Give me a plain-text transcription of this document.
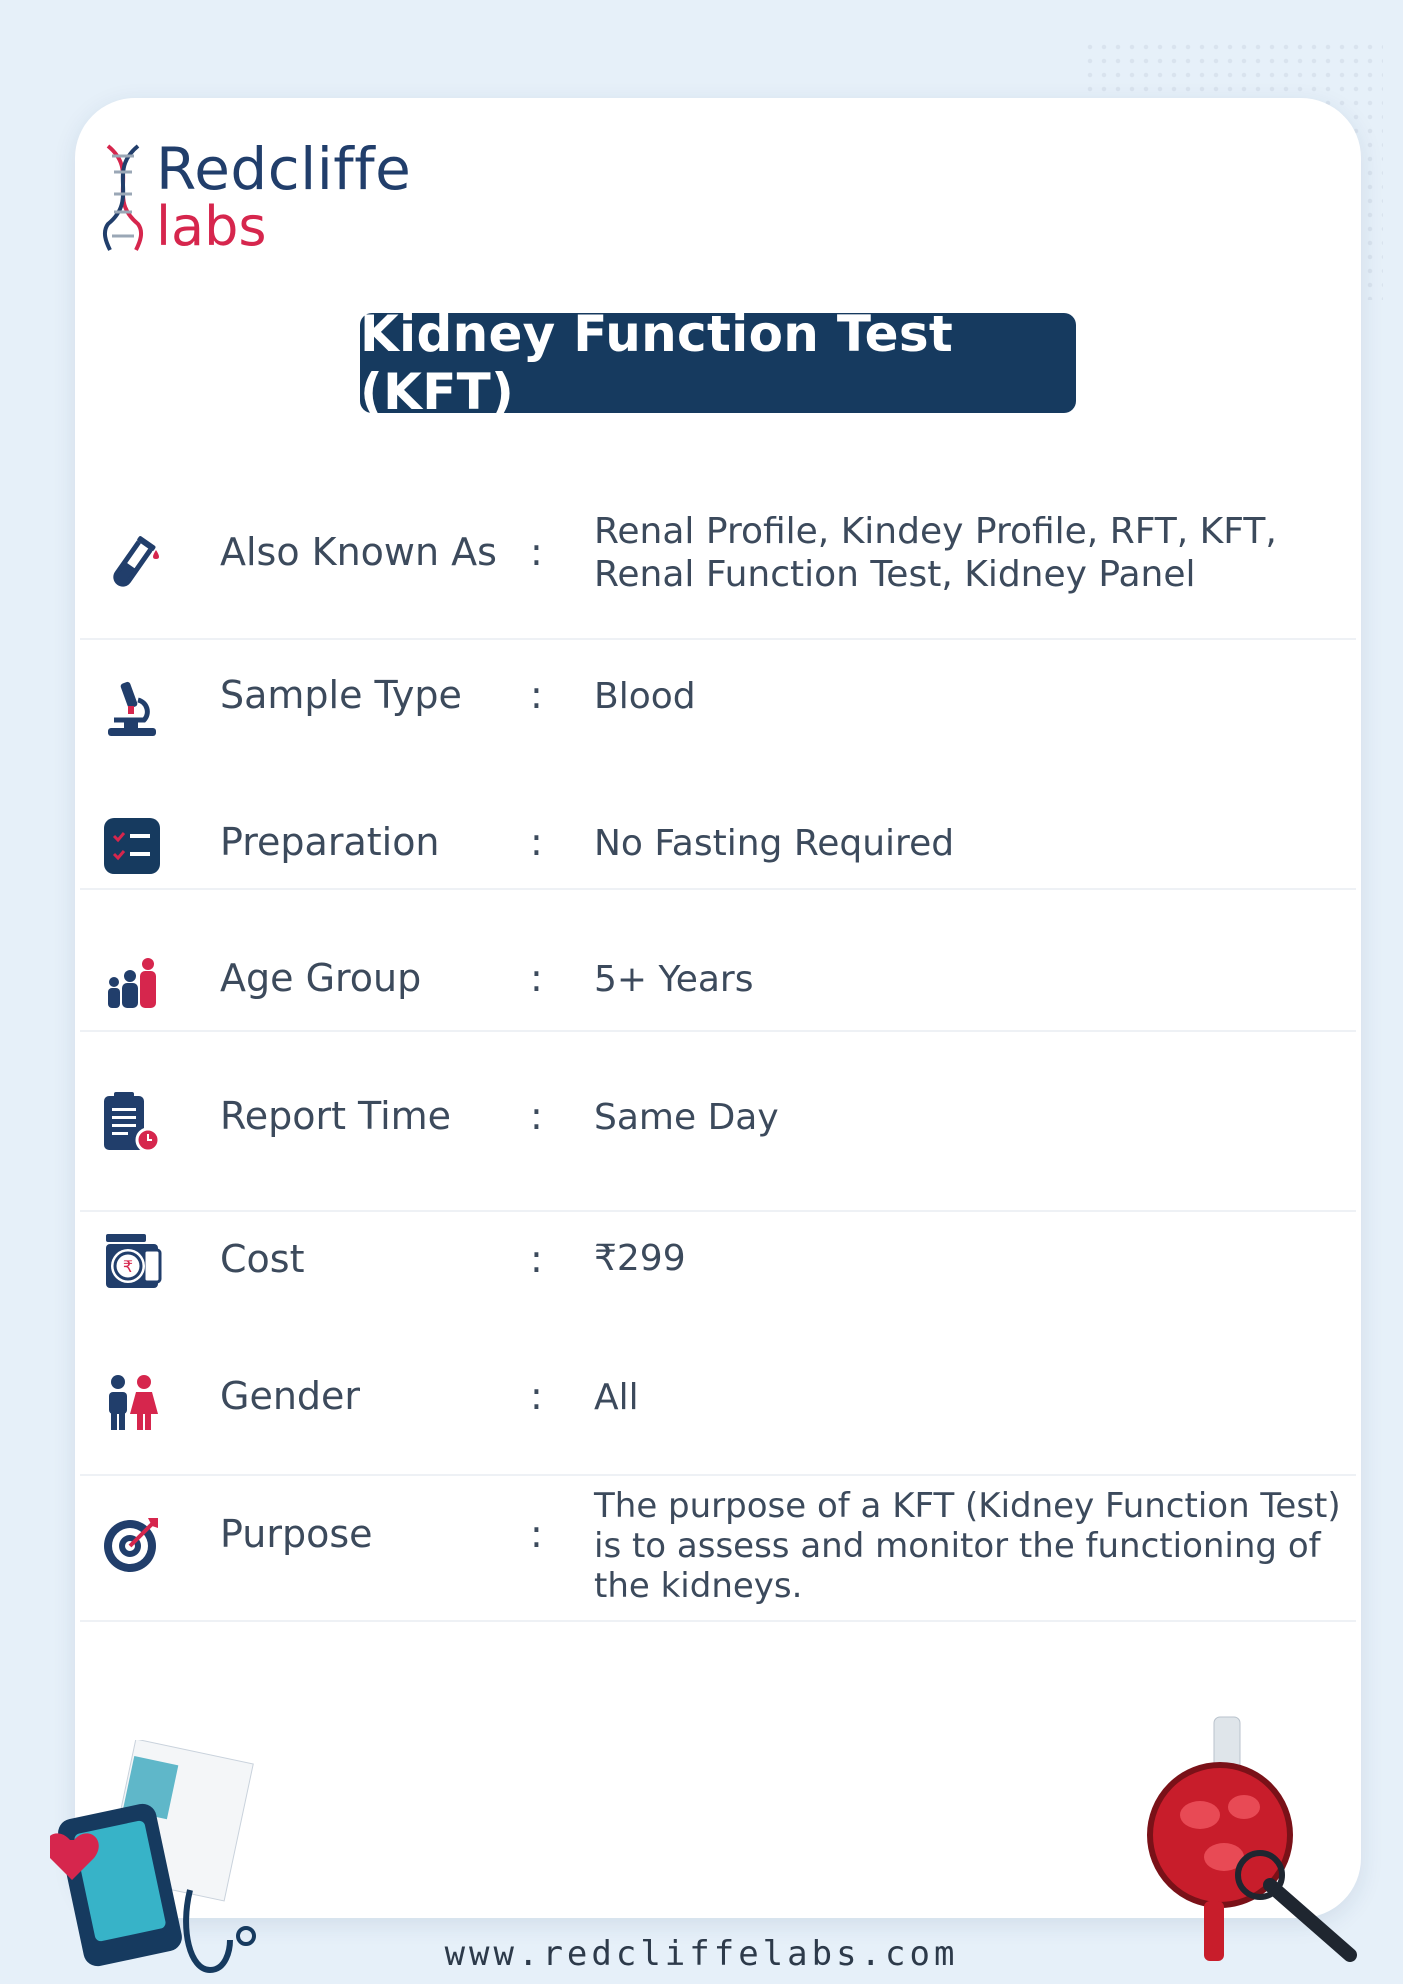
Redcliffe
labs
Kidney Function Test (KFT)
Also Known As : Renal Profile, Kindey Profile, RFT, KFT, Renal Function Test, Kidney Panel
Sample Type : Blood
Preparation : No Fasting Required
Age Group	: 5+ Years
Report Time : Same Day
₹ Cost	: ₹299
Gender	: All
Purpose	:
The purpose of a KFT (Kidney Function Test) is to assess and monitor the functioning of the kidneys.
www.redcliffelabs.com
